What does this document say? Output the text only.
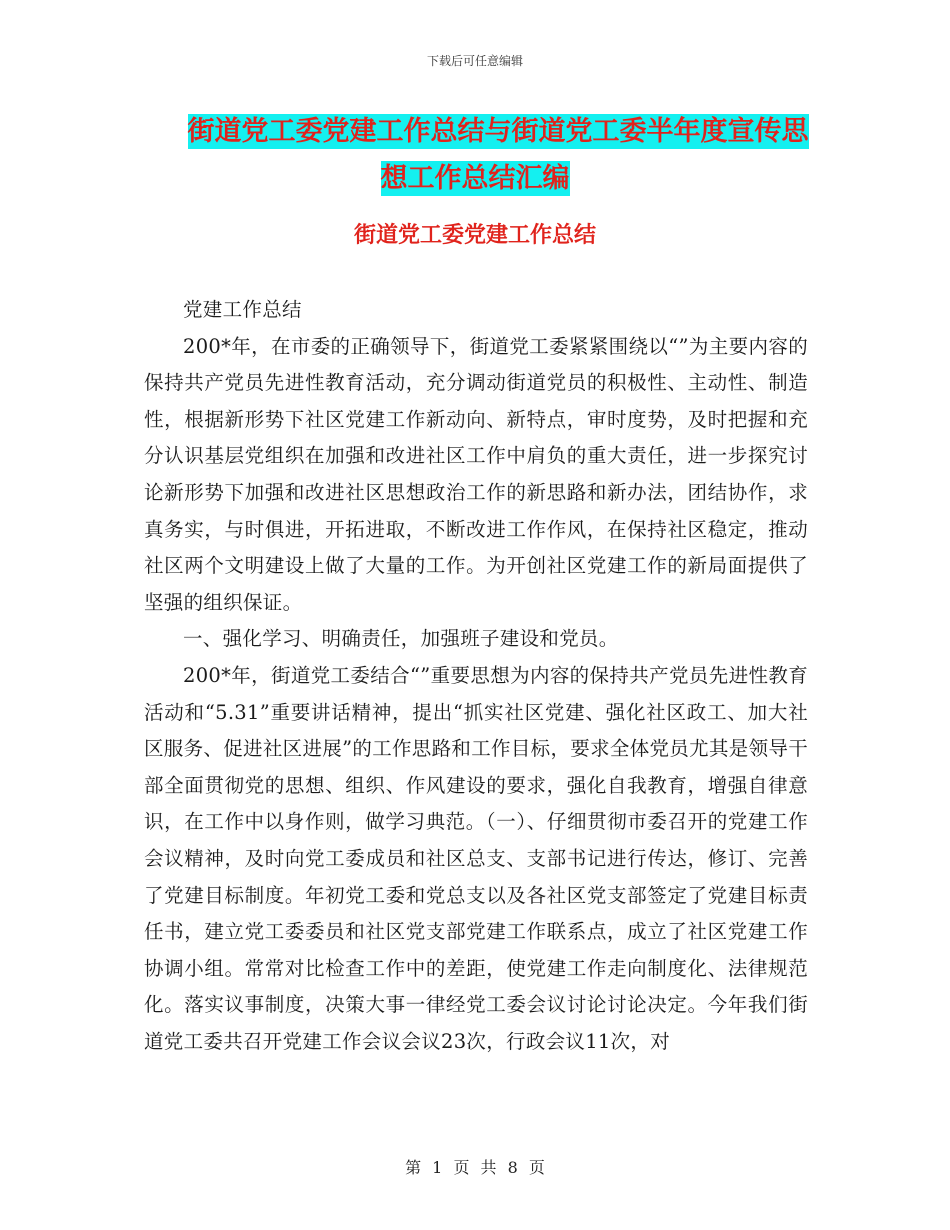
下载后可任意编辑
街道党工委党建工作总结与街道党工委半年度宣传思
想工作总结汇编
街道党工委党建工作总结

党建工作总结

200*年，在市委的正确领导下，街道党工委紧紧围绕以“”为主要内容的保持共产党员先进性教育活动，充分调动街道党员的积极性、主动性、制造性，根据新形势下社区党建工作新动向、新特点，审时度势，及时把握和充分认识基层党组织在加强和改进社区工作中肩负的重大责任，进一步探究讨论新形势下加强和改进社区思想政治工作的新思路和新办法，团结协作，求真务实，与时俱进，开拓进取，不断改进工作作风，在保持社区稳定，推动社区两个文明建设上做了大量的工作。为开创社区党建工作的新局面提供了坚强的组织保证。

一、强化学习、明确责任，加强班子建设和党员。

200*年，街道党工委结合“”重要思想为内容的保持共产党员先进性教育活动和“5.31”重要讲话精神，提出“抓实社区党建、强化社区政工、加大社区服务、促进社区进展”的工作思路和工作目标，要求全体党员尤其是领导干部全面贯彻党的思想、组织、作风建设的要求，强化自我教育，增强自律意识，在工作中以身作则，做学习典范。（一）、仔细贯彻市委召开的党建工作会议精神，及时向党工委成员和社区总支、支部书记进行传达，修订、完善了党建目标制度。年初党工委和党总支以及各社区党支部签定了党建目标责任书，建立党工委委员和社区党支部党建工作联系点，成立了社区党建工作协调小组。常常对比检查工作中的差距，使党建工作走向制度化、法律规范化。落实议事制度，决策大事一律经党工委会议讨论讨论决定。今年我们街道党工委共召开党建工作会议会议23次，行政会议11次，对

第 1 页 共 8 页
